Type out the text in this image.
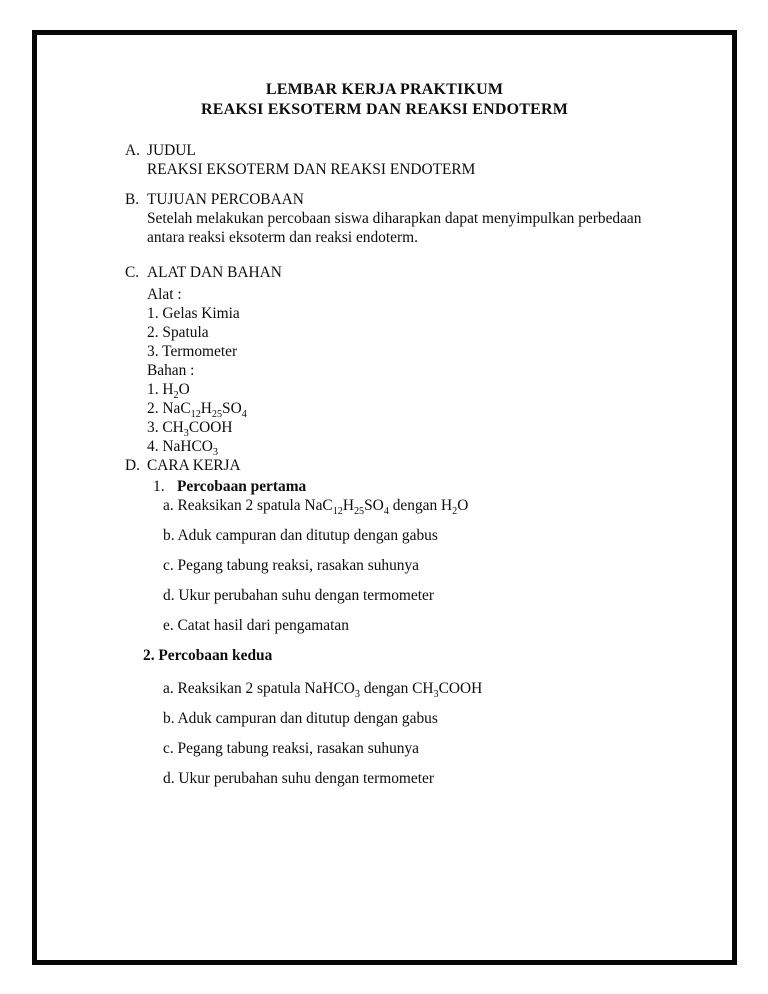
LEMBAR KERJA PRAKTIKUM
REAKSI EKSOTERM DAN REAKSI ENDOTERM
A. JUDUL
REAKSI EKSOTERM DAN REAKSI ENDOTERM
B. TUJUAN PERCOBAAN
Setelah melakukan percobaan siswa diharapkan dapat menyimpulkan perbedaan
antara reaksi eksoterm dan reaksi endoterm.
C. ALAT DAN BAHAN
Alat :
1. Gelas Kimia
2. Spatula
3. Termometer
Bahan :
1. $H_2O$
2. $NaC_{12}H_{25}SO_4$
3. $CH_3COOH$
4. NaHCO$_3$
D. CARA KERJA
1. Percobaan pertama
a. Reaksikan 2 spatula $NaC_{12}H_{25}SO_4$ dengan $H_2O$
b. Aduk campuran dan ditutup dengan gabus
c. Pegang tabung reaksi, rasakan suhunya
d. Ukur perubahan suhu dengan termometer
e. Catat hasil dari pengamatan
2. Percobaan kedua
a. Reaksikan 2 spatula NaHCO$_3$ dengan $CH_3COOH$
b. Aduk campuran dan ditutup dengan gabus
c. Pegang tabung reaksi, rasakan suhunya
d. Ukur perubahan suhu dengan termometer
